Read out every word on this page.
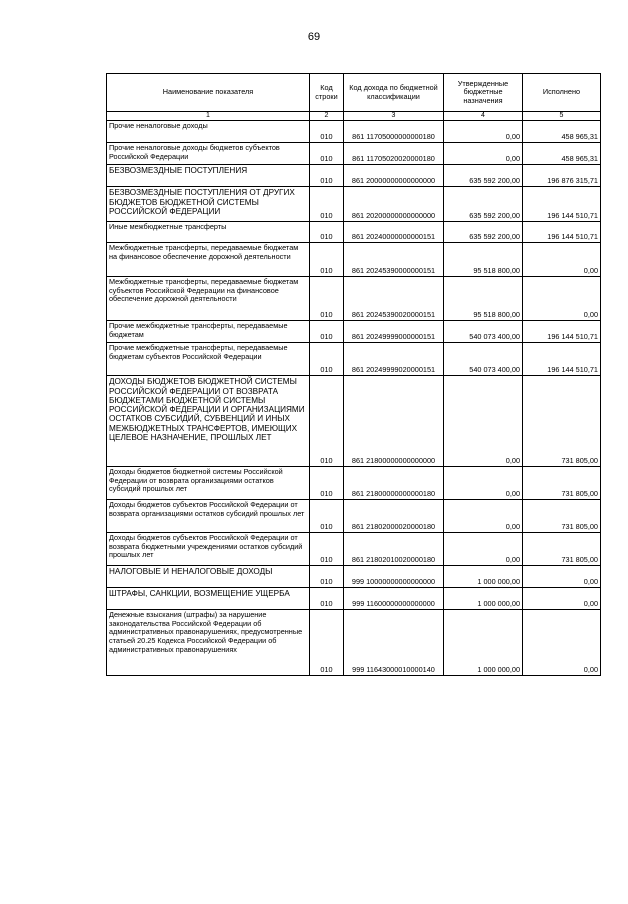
69
Наименование показателя	Код строки	Код дохода по бюджетной классификации	Утвержденные бюджетные назначения	Исполнено
1	2	3	4	5
Прочие неналоговые доходы	010	861 11705000000000180	0,00	458 965,31
Прочие неналоговые доходы бюджетов субъектов Российской Федерации	010	861 11705020020000180	0,00	458 965,31
БЕЗВОЗМЕЗДНЫЕ ПОСТУПЛЕНИЯ	010	861 20000000000000000	635 592 200,00	196 876 315,71
БЕЗВОЗМЕЗДНЫЕ ПОСТУПЛЕНИЯ ОТ ДРУГИХ БЮДЖЕТОВ БЮДЖЕТНОЙ СИСТЕМЫ РОССИЙСКОЙ ФЕДЕРАЦИИ	010	861 20200000000000000	635 592 200,00	196 144 510,71
Иные межбюджетные трансферты	010	861 20240000000000151	635 592 200,00	196 144 510,71
Межбюджетные трансферты, передаваемые бюджетам на финансовое обеспечение дорожной деятельности	010	861 20245390000000151	95 518 800,00	0,00
Межбюджетные трансферты, передаваемые бюджетам субъектов Российской Федерации на финансовое обеспечение дорожной деятельности	010	861 20245390020000151	95 518 800,00	0,00
Прочие межбюджетные трансферты, передаваемые бюджетам	010	861 20249999000000151	540 073 400,00	196 144 510,71
Прочие межбюджетные трансферты, передаваемые бюджетам субъектов Российской Федерации	010	861 20249999020000151	540 073 400,00	196 144 510,71
ДОХОДЫ БЮДЖЕТОВ БЮДЖЕТНОЙ СИСТЕМЫ РОССИЙСКОЙ ФЕДЕРАЦИИ ОТ ВОЗВРАТА БЮДЖЕТАМИ БЮДЖЕТНОЙ СИСТЕМЫ РОССИЙСКОЙ ФЕДЕРАЦИИ И ОРГАНИЗАЦИЯМИ ОСТАТКОВ СУБСИДИЙ, СУБВЕНЦИЙ И ИНЫХ МЕЖБЮДЖЕТНЫХ ТРАНСФЕРТОВ, ИМЕЮЩИХ ЦЕЛЕВОЕ НАЗНАЧЕНИЕ, ПРОШЛЫХ ЛЕТ	010	861 21800000000000000	0,00	731 805,00
Доходы бюджетов бюджетной системы Российской Федерации от возврата организациями остатков субсидий прошлых лет	010	861 21800000000000180	0,00	731 805,00
Доходы бюджетов субъектов Российской Федерации от возврата организациями остатков субсидий прошлых лет	010	861 21802000020000180	0,00	731 805,00
Доходы бюджетов субъектов Российской Федерации от возврата бюджетными учреждениями остатков субсидий прошлых лет	010	861 21802010020000180	0,00	731 805,00
НАЛОГОВЫЕ И НЕНАЛОГОВЫЕ ДОХОДЫ	010	999 10000000000000000	1 000 000,00	0,00
ШТРАФЫ, САНКЦИИ, ВОЗМЕЩЕНИЕ УЩЕРБА	010	999 11600000000000000	1 000 000,00	0,00
Денежные взыскания (штрафы) за нарушение законодательства Российской Федерации об административных правонарушениях, предусмотренные статьей 20.25 Кодекса Российской Федерации об административных правонарушениях	010	999 11643000010000140	1 000 000,00	0,00
